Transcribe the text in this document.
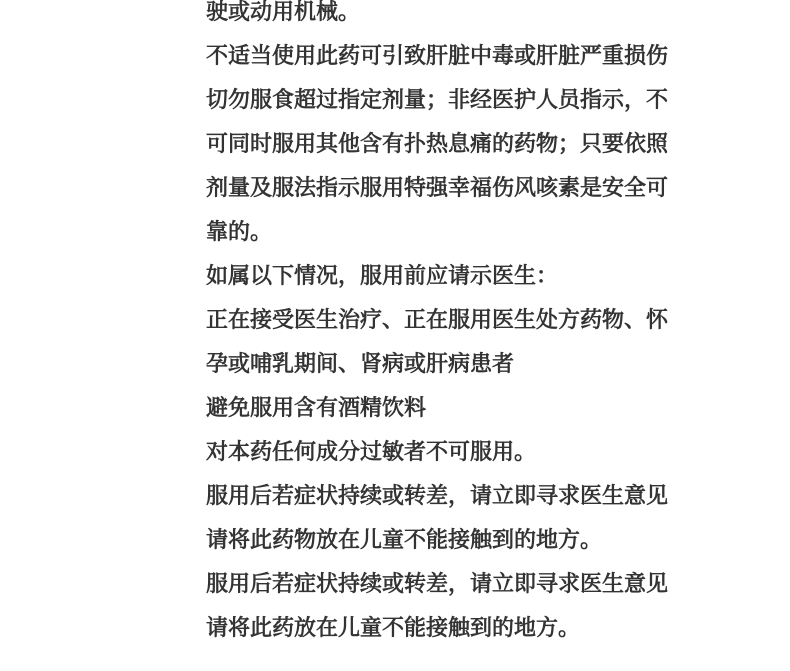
驶或动用机械。

不适当使用此药可引致肝脏中毒或肝脏严重损伤

切勿服食超过指定剂量；非经医护人员指示，不

可同时服用其他含有扑热息痛的药物；只要依照

剂量及服法指示服用特强幸福伤风咳素是安全可

靠的。

如属以下情况，服用前应请示医生：

正在接受医生治疗、正在服用医生处方药物、怀

孕或哺乳期间、肾病或肝病患者

避免服用含有酒精饮料

对本药任何成分过敏者不可服用。

服用后若症状持续或转差，请立即寻求医生意见

请将此药物放在儿童不能接触到的地方。

服用后若症状持续或转差，请立即寻求医生意见

请将此药放在儿童不能接触到的地方。
